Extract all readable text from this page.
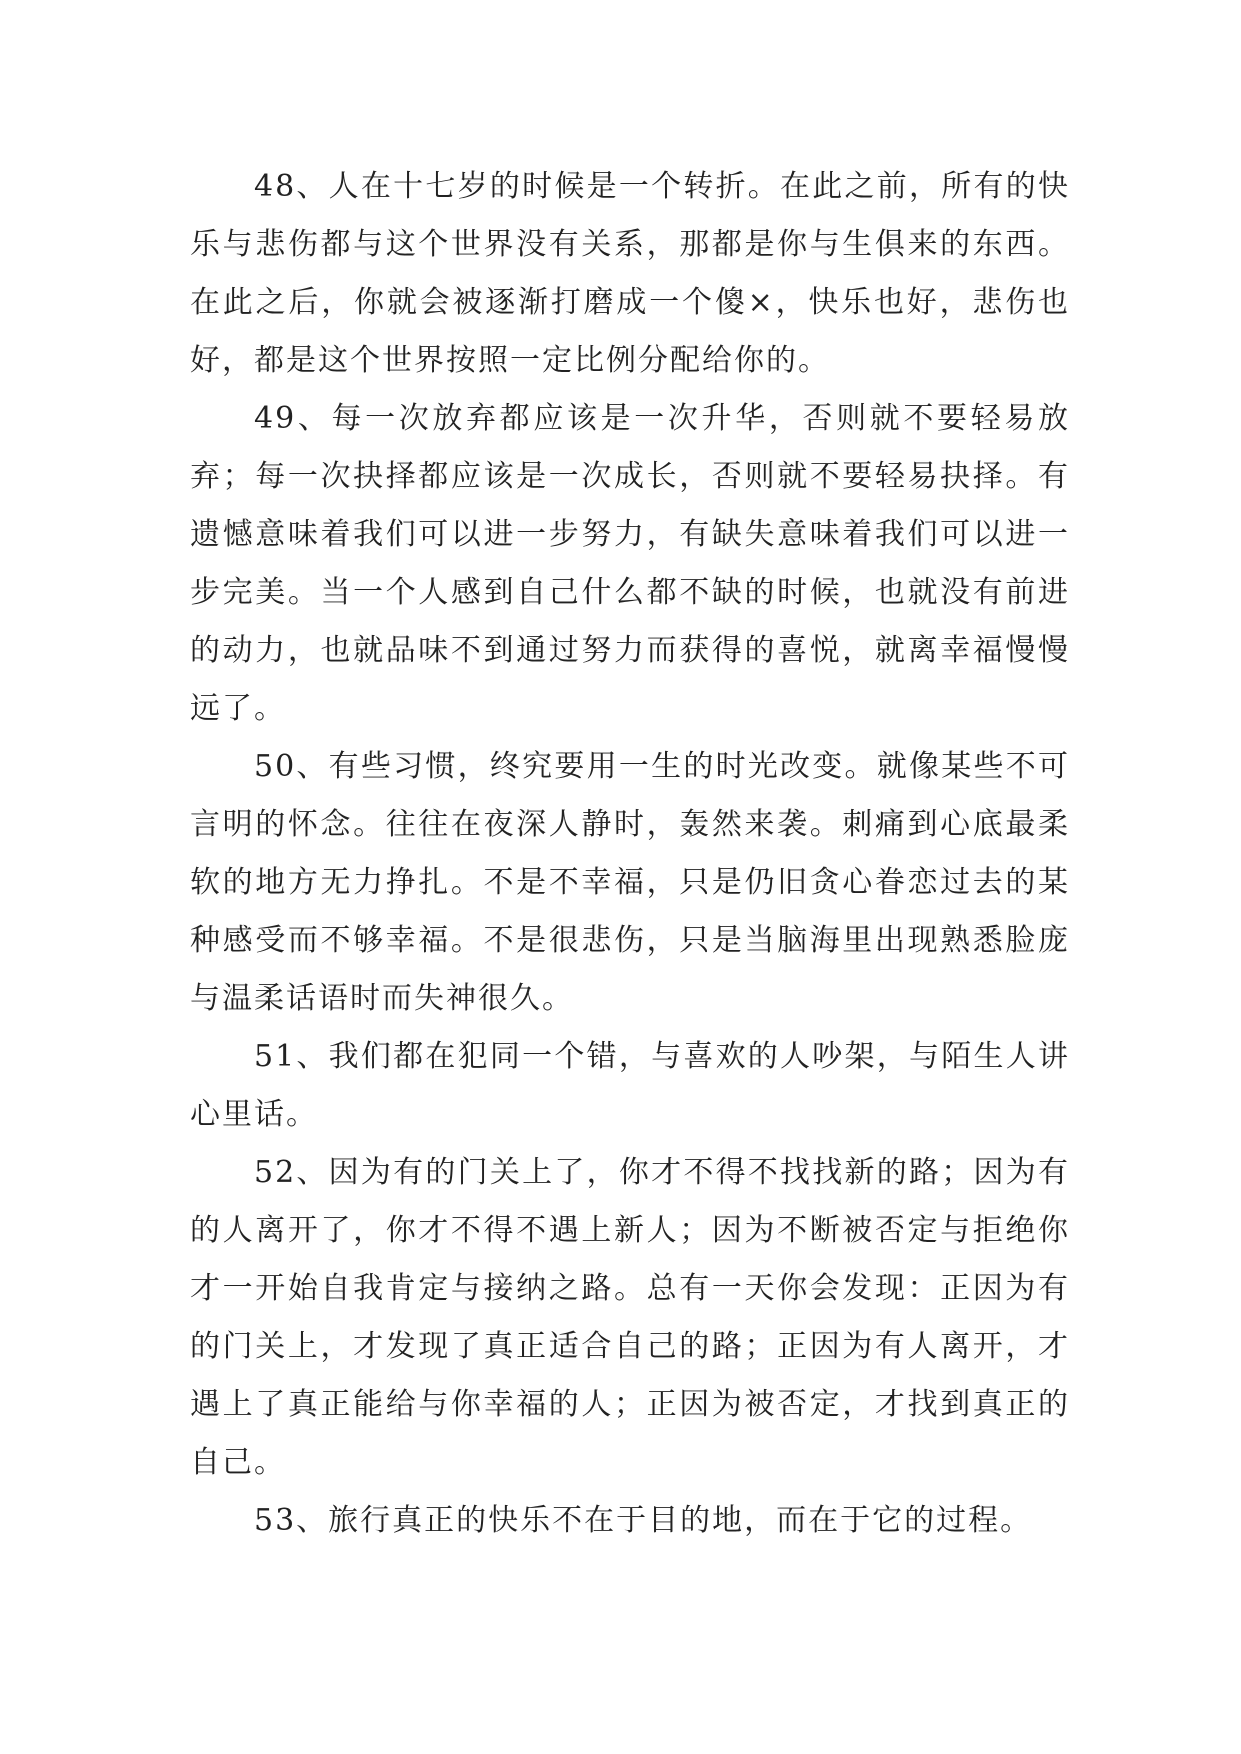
48、人在十七岁的时候是一个转折。在此之前，所有的快乐与悲伤都与这个世界没有关系，那都是你与生俱来的东西。在此之后，你就会被逐渐打磨成一个傻×，快乐也好，悲伤也好，都是这个世界按照一定比例分配给你的。

49、每一次放弃都应该是一次升华，否则就不要轻易放弃；每一次抉择都应该是一次成长，否则就不要轻易抉择。有遗憾意味着我们可以进一步努力，有缺失意味着我们可以进一步完美。当一个人感到自己什么都不缺的时候，也就没有前进的动力，也就品味不到通过努力而获得的喜悦，就离幸福慢慢远了。

50、有些习惯，终究要用一生的时光改变。就像某些不可言明的怀念。往往在夜深人静时，轰然来袭。刺痛到心底最柔软的地方无力挣扎。不是不幸福，只是仍旧贪心眷恋过去的某种感受而不够幸福。不是很悲伤，只是当脑海里出现熟悉脸庞与温柔话语时而失神很久。

51、我们都在犯同一个错，与喜欢的人吵架，与陌生人讲心里话。

52、因为有的门关上了，你才不得不找找新的路；因为有的人离开了，你才不得不遇上新人；因为不断被否定与拒绝你才一开始自我肯定与接纳之路。总有一天你会发现：正因为有的门关上，才发现了真正适合自己的路；正因为有人离开，才遇上了真正能给与你幸福的人；正因为被否定，才找到真正的自己。

53、旅行真正的快乐不在于目的地，而在于它的过程。
